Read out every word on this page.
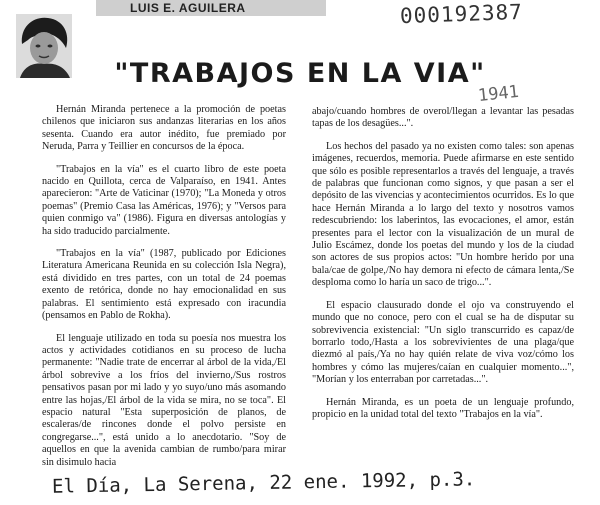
LUIS E. AGUILERA	000192387
"TRABAJOS EN LA VIA"
1941

Hernán Miranda pertenece a la promoción de poetas chilenos que iniciaron sus andanzas literarias en los años sesenta. Cuando era autor inédito, fue premiado por Neruda, Parra y Teillier en concursos de la época.

"Trabajos en la vía" es el cuarto libro de este poeta nacido en Quillota, cerca de Valparaíso, en 1941. Antes aparecieron: "Arte de Vaticinar (1970); "La Moneda y otros poemas" (Premio Casa las Américas, 1976); y "Versos para quien conmigo va" (1986). Figura en diversas antologías y ha sido traducido parcialmente.

"Trabajos en la vía" (1987, publicado por Ediciones Literatura Americana Reunida en su colección Isla Negra), está dividido en tres partes, con un total de 24 poemas exento de retórica, donde no hay emocionalidad en sus palabras. El sentimiento está expresado con iracundia (pensamos en Pablo de Rokha).

El lenguaje utilizado en toda su poesía nos muestra los actos y actividades cotidianos en su proceso de lucha permanente: "Nadie trate de encerrar al árbol de la vida,/El árbol sobrevive a los fríos del invierno,/Sus rostros pensativos pasan por mi lado y yo suyo/uno más asomando entre las hojas,/El árbol de la vida se mira, no se toca". El espacio natural "Esta superposición de planos, de escaleras/de rincones donde el polvo persiste en congregarse...", está unido a lo anecdotario. "Soy de aquellos en que la avenida cambian de rumbo/para mirar sin disimulo hacia

abajo/cuando hombres de overol/llegan a levantar las pesadas tapas de los desagües...".

Los hechos del pasado ya no existen como tales: son apenas imágenes, recuerdos, memoria. Puede afirmarse en este sentido que sólo es posible representarlos a través del lenguaje, a través de palabras que funcionan como signos, y que pasan a ser el depósito de las vivencias y acontecimientos ocurridos. Es lo que hace Hernán Miranda a lo largo del texto y nosotros vamos redescubriendo: los laberintos, las evocaciones, el amor, están presentes para el lector con la visualización de un mural de Julio Escámez, donde los poetas del mundo y los de la ciudad son actores de sus propios actos: "Un hombre herido por una bala/cae de golpe,/No hay demora ni efecto de cámara lenta,/Se desploma como lo haría un saco de trigo...".

El espacio clausurado donde el ojo va construyendo el mundo que no conoce, pero con el cual se ha de disputar su sobrevivencia existencial: "Un siglo transcurrido es capaz/de borrarlo todo,/Hasta a los sobrevivientes de una plaga/que diezmó al país,/Ya no hay quién relate de viva voz/cómo los hombres y cómo las mujeres/caían en cualquier momento...", "Morían y los enterraban por carretadas...".

Hernán Miranda, es un poeta de un lenguaje profundo, propicio en la unidad total del texto "Trabajos en la vía".

El Día, La Serena, 22 ene. 1992, p.3.
